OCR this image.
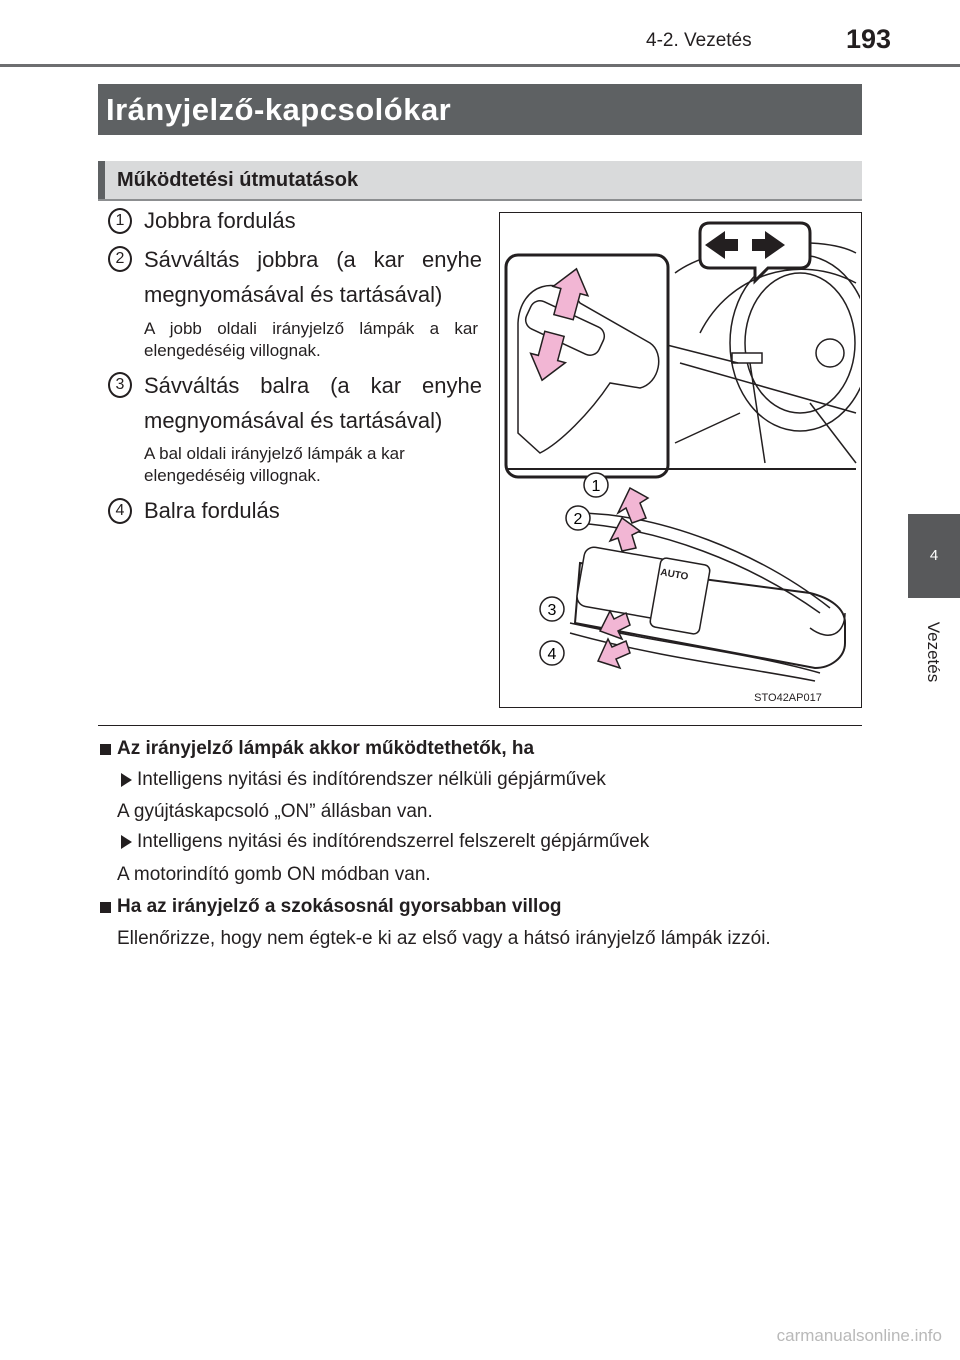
4-2. Vezetés	193
4
Vezetés
Irányjelző-kapcsolókar
Működtetési útmutatások
1 Jobbra fordulás
2 Sávváltás jobbra (a kar enyhe megnyomásával és tartásával)
A jobb oldali irányjelző lámpák a kar elengedéséig villognak.
3 Sávváltás balra (a kar enyhe megnyomásával és tartásával)
A bal oldali irányjelző lámpák a kar elengedéséig villognak.
4 Balra fordulás
AUTO
1
2
3
4
STO42AP017
Az irányjelző lámpák akkor működtethetők, ha
Intelligens nyitási és indítórendszer nélküli gépjárművek
A gyújtáskapcsoló „ON” állásban van.
Intelligens nyitási és indítórendszerrel felszerelt gépjárművek
A motorindító gomb ON módban van.
Ha az irányjelző a szokásosnál gyorsabban villog
Ellenőrizze, hogy nem égtek-e ki az első vagy a hátsó irányjelző lámpák izzói.
carmanualsonline.info
